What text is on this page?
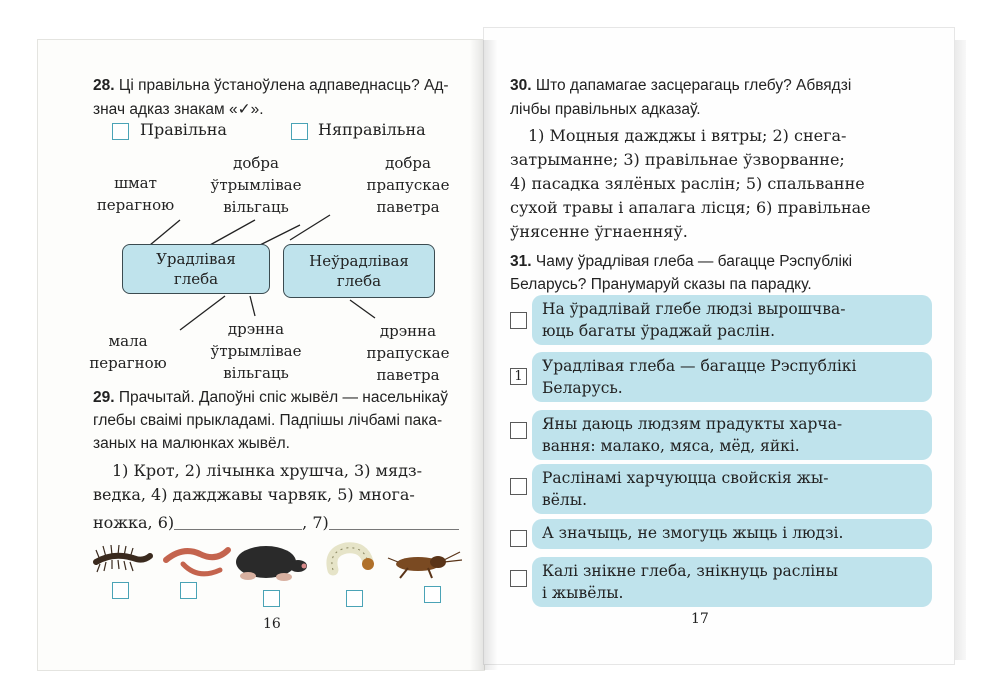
28. Ці правільна ўстаноўлена адпаведнасць? Ад-
знач адказ знакам «✓».
Правільна	Няправільна
шмат
перагною
добра
ўтрымлівае
вільгаць
добра
прапускае
паветра
Урадлівая
глеба
Неўрадлівая
глеба
мала
перагною
дрэнна
ўтрымлівае
вільгаць
дрэнна
прапускае
паветра
29. Прачытай. Дапоўні спіс жывёл — насельнікаў
глебы сваімі прыкладамі. Падпішы лічбамі пака-
заных на малюнках жывёл.
1) Крот, 2) лічынка хрушча, 3) мядз-
ведка, 4) дажджавы чарвяк, 5) многа-
ножка, 6)	, 7)
16
30. Што дапамагае засцерагаць глебу? Абвядзі
лічбы правільных адказаў.
1) Моцныя дажджы і вятры; 2) снега-
затрыманне; 3) правільнае ўзворванне;
4) пасадка зялёных раслін; 5) спальванне
сухой травы і апалага лісця; 6) правільнае
ўнясенне ўгнаенняў.
31. Чаму ўрадлівая глеба — багацце Рэспублікі
Беларусь? Пранумаруй сказы па парадку.
На ўрадлівай глебе людзі вырошчва-
юць багаты ўраджай раслін.
1
Урадлівая глеба — багацце Рэспублікі
Беларусь.
Яны даюць людзям прадукты харча-
вання: малако, мяса, мёд, яйкі.
Раслінамі харчуюцца свойскія жы-
вёлы.
А значыць, не змогуць жыць і людзі.
Калі знікне глеба, знікнуць расліны
і жывёлы.
17
